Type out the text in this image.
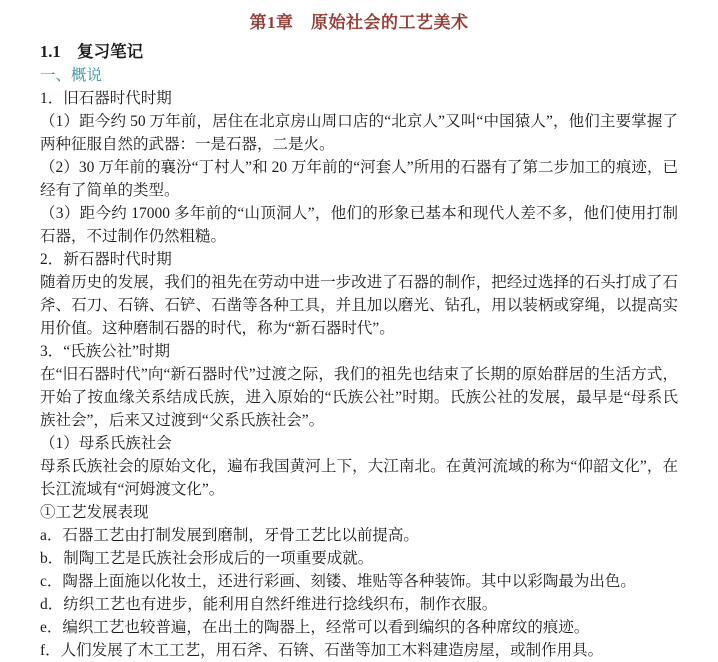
第1章　原始社会的工艺美术
1.1　复习笔记
一、概说
1．旧石器时代时期
（1）距今约 50 万年前，居住在北京房山周口店的“北京人”又叫“中国猿人”，他们主要掌握了两种征服自然的武器：一是石器，二是火。
（2）30 万年前的襄汾“丁村人”和 20 万年前的“河套人”所用的石器有了第二步加工的痕迹，已经有了简单的类型。
（3）距今约 17000 多年前的“山顶洞人”，他们的形象已基本和现代人差不多，他们使用打制石器，不过制作仍然粗糙。
2．新石器时代时期
随着历史的发展，我们的祖先在劳动中进一步改进了石器的制作，把经过选择的石头打成了石斧、石刀、石锛、石铲、石凿等各种工具，并且加以磨光、钻孔，用以装柄或穿绳，以提高实用价值。这种磨制石器的时代，称为“新石器时代”。
3．“氏族公社”时期
在“旧石器时代”向“新石器时代”过渡之际，我们的祖先也结束了长期的原始群居的生活方式，开始了按血缘关系结成氏族，进入原始的“氏族公社”时期。氏族公社的发展，最早是“母系氏族社会”，后来又过渡到“父系氏族社会”。
（1）母系氏族社会
母系氏族社会的原始文化，遍布我国黄河上下，大江南北。在黄河流域的称为“仰韶文化”，在长江流域有“河姆渡文化”。
①工艺发展表现
a．石器工艺由打制发展到磨制，牙骨工艺比以前提高。
b．制陶工艺是氏族社会形成后的一项重要成就。
c．陶器上面施以化妆土，还进行彩画、刻镂、堆贴等各种装饰。其中以彩陶最为出色。
d．纺织工艺也有进步，能利用自然纤维进行捻线织布，制作衣服。
e．编织工艺也较普遍，在出土的陶器上，经常可以看到编织的各种席纹的痕迹。
f．人们发展了木工工艺，用石斧、石锛、石凿等加工木料建造房屋，或制作用具。
